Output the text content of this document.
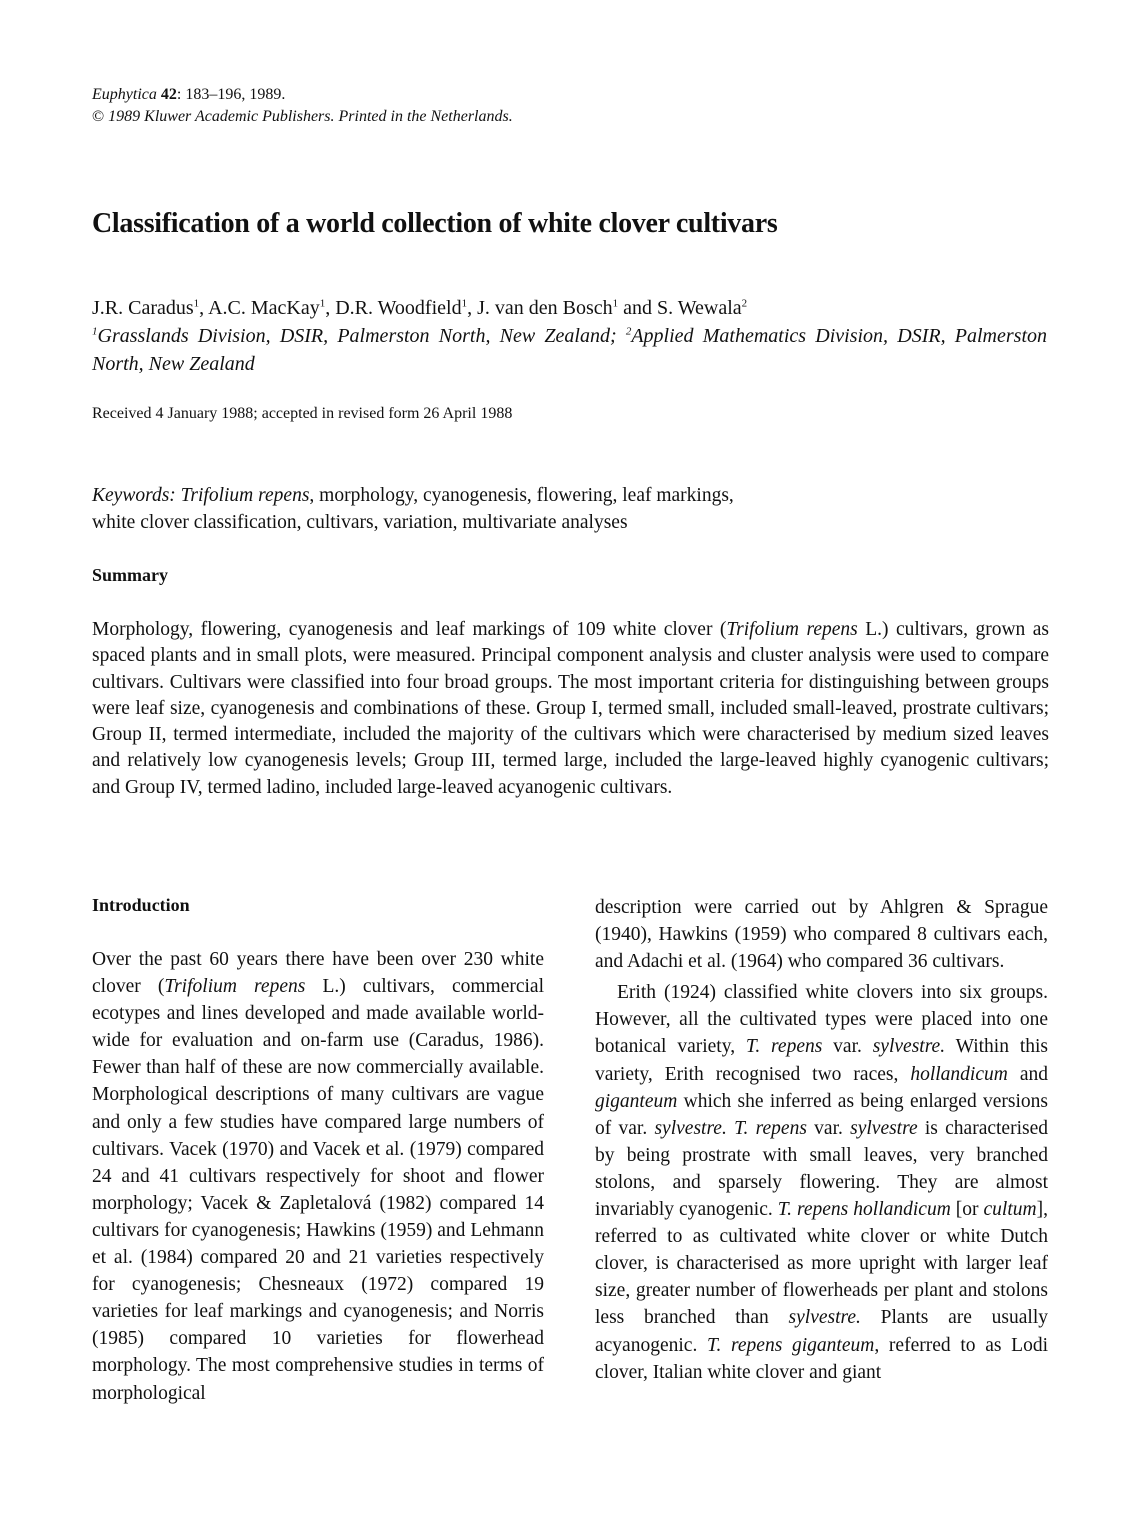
Euphytica 42: 183–196, 1989.
© 1989 Kluwer Academic Publishers. Printed in the Netherlands.
Classification of a world collection of white clover cultivars
J.R. Caradus$^1$, A.C. MacKay$^1$, D.R. Woodfield$^1$, J. van den Bosch$^1$ and S. Wewala$^2$
$^1$Grasslands Division, DSIR, Palmerston North, New Zealand; $^2$Applied Mathematics Division, DSIR, Palmerston North, New Zealand
Received 4 January 1988; accepted in revised form 26 April 1988
Keywords: Trifolium repens, morphology, cyanogenesis, flowering, leaf markings,
white clover classification, cultivars, variation, multivariate analyses
Summary
Morphology, flowering, cyanogenesis and leaf markings of 109 white clover (Trifolium repens L.) cultivars, grown as spaced plants and in small plots, were measured. Principal component analysis and cluster analysis were used to compare cultivars. Cultivars were classified into four broad groups. The most important criteria for distinguishing between groups were leaf size, cyanogenesis and combinations of these. Group I, termed small, included small-leaved, prostrate cultivars; Group II, termed intermediate, included the majority of the cultivars which were characterised by medium sized leaves and relatively low cyanogenesis levels; Group III, termed large, included the large-leaved highly cyanogenic cultivars; and Group IV, termed ladino, included large-leaved acyanogenic cultivars.
Introduction

Over the past 60 years there have been over 230 white clover (Trifolium repens L.) cultivars, commercial ecotypes and lines developed and made available world-wide for evaluation and on-farm use (Caradus, 1986). Fewer than half of these are now commercially available. Morphological descriptions of many cultivars are vague and only a few studies have compared large numbers of cultivars. Vacek (1970) and Vacek et al. (1979) compared 24 and 41 cultivars respectively for shoot and flower morphology; Vacek & Zapletalová (1982) compared 14 cultivars for cyanogenesis; Hawkins (1959) and Lehmann et al. (1984) compared 20 and 21 varieties respectively for cyanogenesis; Chesneaux (1972) compared 19 varieties for leaf markings and cyanogenesis; and Norris (1985) compared 10 varieties for flowerhead morphology. The most comprehensive studies in terms of morphological

description were carried out by Ahlgren & Sprague (1940), Hawkins (1959) who compared 8 cultivars each, and Adachi et al. (1964) who compared 36 cultivars.

Erith (1924) classified white clovers into six groups. However, all the cultivated types were placed into one botanical variety, T. repens var. sylvestre. Within this variety, Erith recognised two races, hollandicum and giganteum which she inferred as being enlarged versions of var. sylvestre. T. repens var. sylvestre is characterised by being prostrate with small leaves, very branched stolons, and sparsely flowering. They are almost invariably cyanogenic. T. repens hollandicum [or cultum], referred to as cultivated white clover or white Dutch clover, is characterised as more upright with larger leaf size, greater number of flowerheads per plant and stolons less branched than sylvestre. Plants are usually acyanogenic. T. repens giganteum, referred to as Lodi clover, Italian white clover and giant
